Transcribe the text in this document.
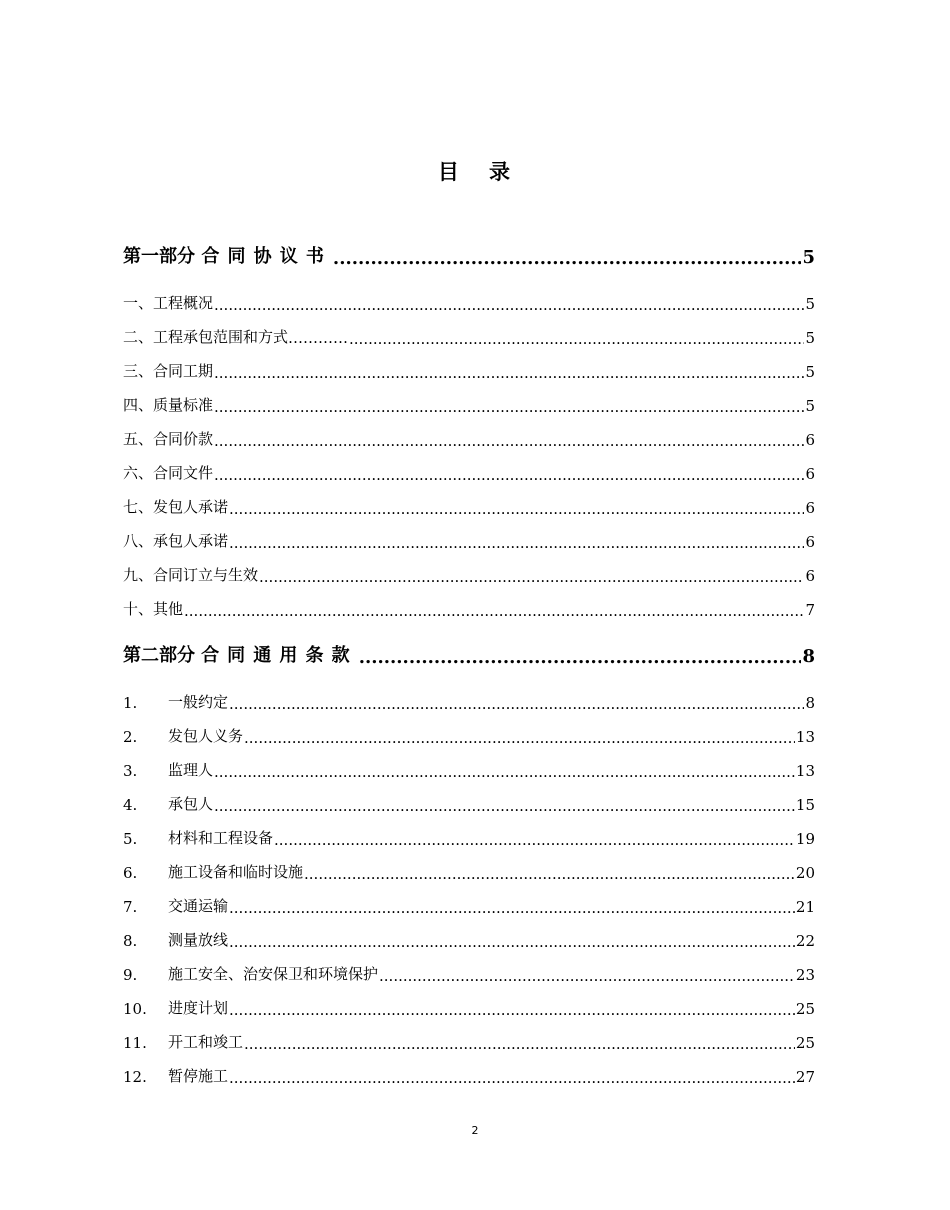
目 录
第一部分 合同协议书 .....	5
一、工程概况 .....	5
二、工程承包范围和方式 ………… .....	5
三、合同工期 .....	5
四、质量标准 .....	5
五、合同价款 .....	6
六、合同文件 .....	6
七、发包人承诺 .....	6
八、承包人承诺 .....	6
九、合同订立与生效 .....	6
十、其他 .....	7
第二部分 合同通用条款 .....	8
1.	一般约定 .....	8
2.	发包人义务 .....	13
3.	监理人 .....	13
4.	承包人 .....	15
5.	材料和工程设备 .....	19
6.	施工设备和临时设施 .....	20
7.	交通运输 .....	21
8.	测量放线 .....	22
9.	施工安全、治安保卫和环境保护 .....	23
10.	进度计划 .....	25
11.	开工和竣工 .....	25
12.	暂停施工 .....	27
2
